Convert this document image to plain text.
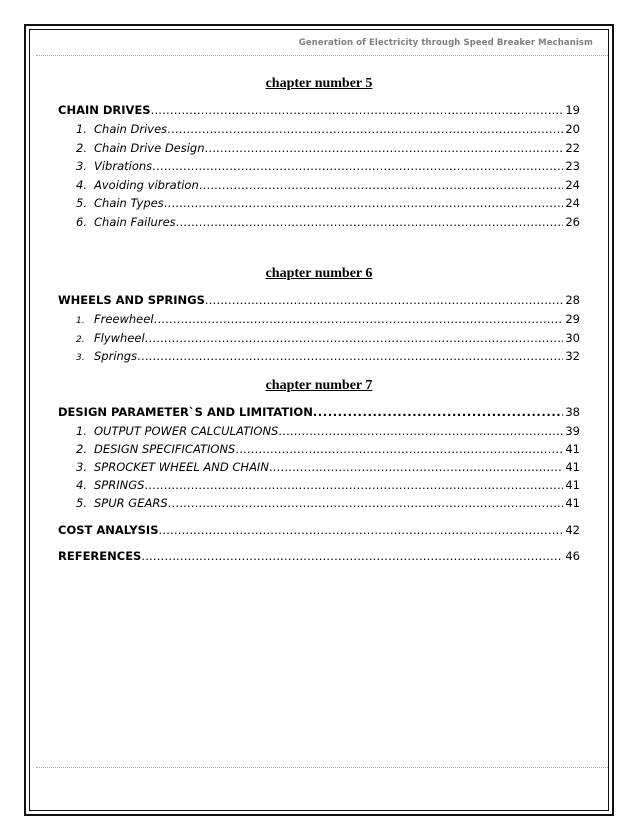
Generation of Electricity through Speed Breaker Mechanism
chapter number 5
CHAIN DRIVES .....	19
1. Chain Drives .....	20
2. Chain Drive Design .....	22
3. Vibrations .....	23
4. Avoiding vibration .....	24
5. Chain Types .....	24
6. Chain Failures .....	26
chapter number 6
WHEELS AND SPRINGS .....	28
1. Freewheel .....	29
2. Flywheel .....	30
3. Springs .....	32
chapter number 7
DESIGN PARAMETER`S AND LIMITATION .....	38
1. OUTPUT POWER CALCULATIONS .....	39
2. DESIGN SPECIFICATIONS .....	41
3. SPROCKET WHEEL AND CHAIN .....	41
4. SPRINGS .....	41
5. SPUR GEARS .....	41
COST ANALYSIS .....	42
REFERENCES .....	46
